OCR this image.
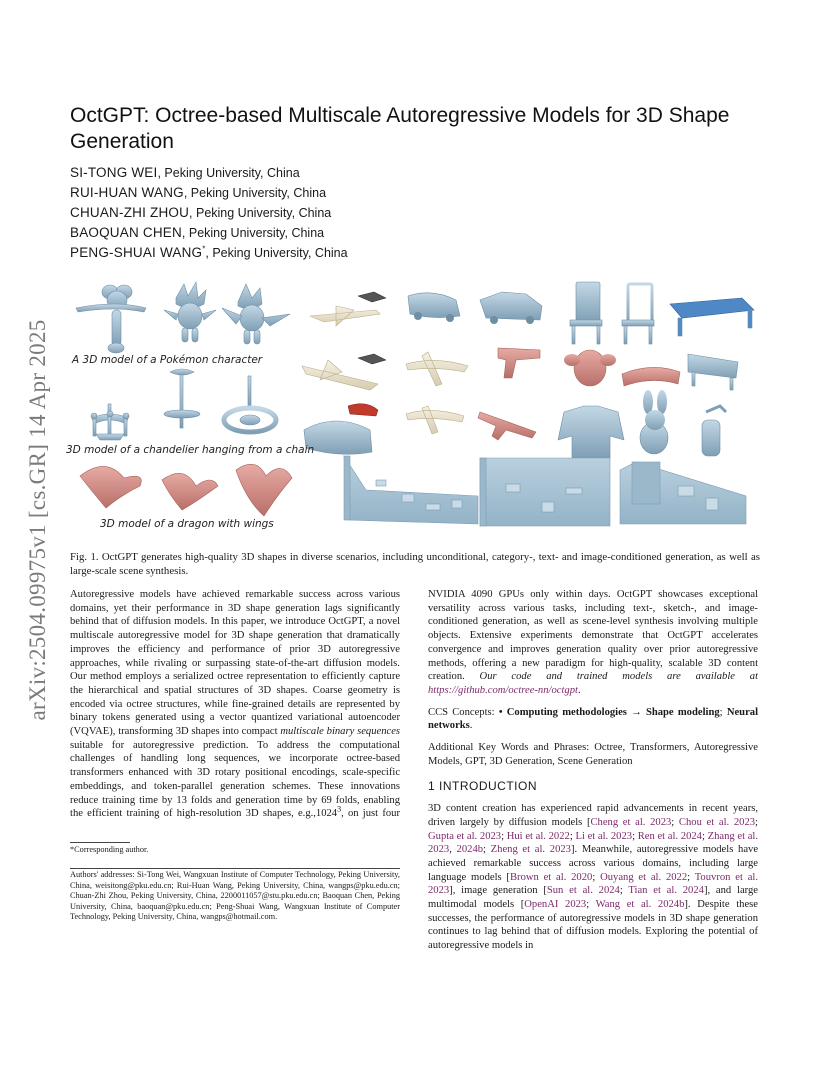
arXiv:2504.09975v1 [cs.GR] 14 Apr 2025
OctGPT: Octree-based Multiscale Autoregressive Models for 3D Shape Generation
SI-TONG WEI, Peking University, China
RUI-HUAN WANG, Peking University, China
CHUAN-ZHI ZHOU, Peking University, China
BAOQUAN CHEN, Peking University, China
PENG-SHUAI WANG*, Peking University, China
A 3D model of a Pokémon character
3D model of a chandelier hanging from a chain
3D model of a dragon with wings
Fig. 1. OctGPT generates high-quality 3D shapes in diverse scenarios, including unconditional, category-, text- and image-conditioned generation, as well as large-scale scene synthesis.

Autoregressive models have achieved remarkable success across various domains, yet their performance in 3D shape generation lags significantly behind that of diffusion models. In this paper, we introduce OctGPT, a novel multiscale autoregressive model for 3D shape generation that dramatically improves the efficiency and performance of prior 3D autoregressive approaches, while rivaling or surpassing state-of-the-art diffusion models. Our method employs a serialized octree representation to efficiently capture the hierarchical and spatial structures of 3D shapes. Coarse geometry is encoded via octree structures, while fine-grained details are represented by binary tokens generated using a vector quantized variational autoencoder (VQVAE), transforming 3D shapes into compact multiscale binary sequences suitable for autoregressive prediction. To address the computational challenges of handling long sequences, we incorporate octree-based transformers enhanced with 3D rotary positional encodings, scale-specific embeddings, and token-parallel generation schemes. These innovations reduce training time by 13 folds and generation time by 69 folds, enabling the efficient training of high-resolution 3D shapes, e.g.,1024$^3$, on just four

*Corresponding author.
Authors' addresses: Si-Tong Wei, Wangxuan Institute of Computer Technology, Peking University, China, weisitong@pku.edu.cn; Rui-Huan Wang, Peking University, China, wangps@pku.edu.cn; Chuan-Zhi Zhou, Peking University, China, 2200011057@stu.pku.edu.cn; Baoquan Chen, Peking University, China, baoquan@pku.edu.cn; Peng-Shuai Wang, Wangxuan Institute of Computer Technology, Peking University, China, wangps@hotmail.com.

NVIDIA 4090 GPUs only within days. OctGPT showcases exceptional versatility across various tasks, including text-, sketch-, and image-conditioned generation, as well as scene-level synthesis involving multiple objects. Extensive experiments demonstrate that OctGPT accelerates convergence and improves generation quality over prior autoregressive methods, offering a new paradigm for high-quality, scalable 3D content creation. Our code and trained models are available at https://github.com/octree-nn/octgpt.

CCS Concepts: • Computing methodologies → Shape modeling; Neural networks.

Additional Key Words and Phrases: Octree, Transformers, Autoregressive Models, GPT, 3D Generation, Scene Generation

1 INTRODUCTION

3D content creation has experienced rapid advancements in recent years, driven largely by diffusion models [Cheng et al. 2023; Chou et al. 2023; Gupta et al. 2023; Hui et al. 2022; Li et al. 2023; Ren et al. 2024; Zhang et al. 2023, 2024b; Zheng et al. 2023]. Meanwhile, autoregressive models have achieved remarkable success across various domains, including large language models [Brown et al. 2020; Ouyang et al. 2022; Touvron et al. 2023], image generation [Sun et al. 2024; Tian et al. 2024], and large multimodal models [OpenAI 2023; Wang et al. 2024b]. Despite these successes, the performance of autoregressive models in 3D shape generation continues to lag behind that of diffusion models. Exploring the potential of autoregressive models in
